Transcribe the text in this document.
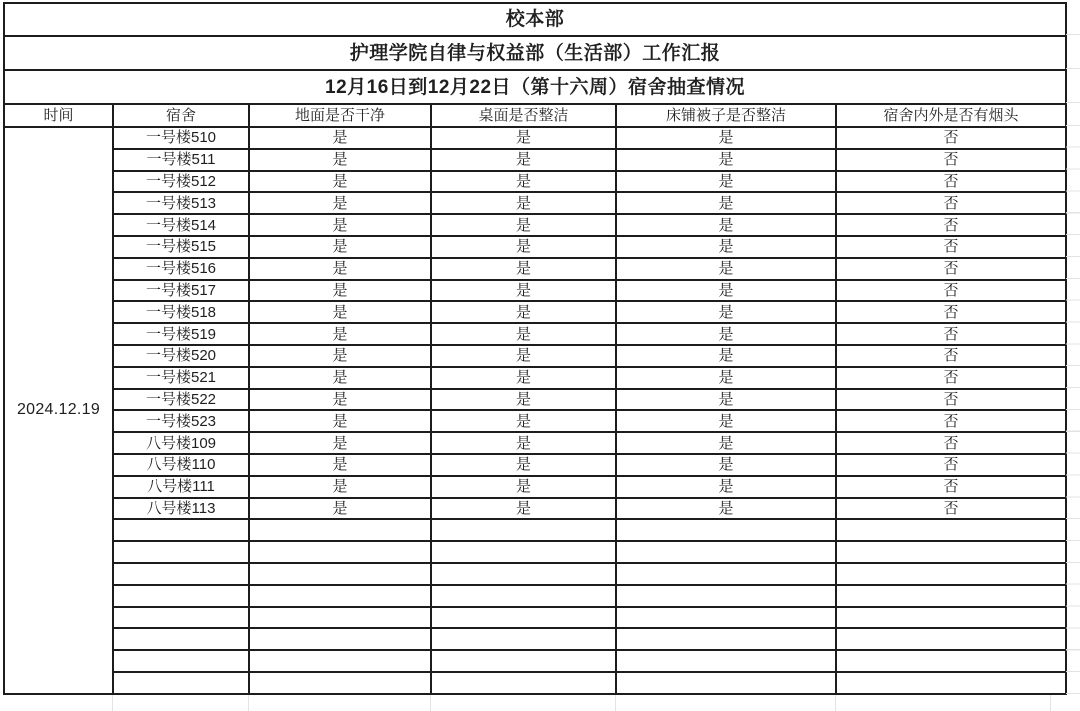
校本部					
护理学院自律与权益部（生活部）工作汇报					
12月16日到12月22日（第十六周）宿舍抽查情况					
时间	宿舍	地面是否干净	桌面是否整洁	床铺被子是否整洁	宿舍内外是否有烟头
2024.12.19	一号楼510	是	是	是	否
	一号楼511	是	是	是	否
	一号楼512	是	是	是	否
	一号楼513	是	是	是	否
	一号楼514	是	是	是	否
	一号楼515	是	是	是	否
	一号楼516	是	是	是	否
	一号楼517	是	是	是	否
	一号楼518	是	是	是	否
	一号楼519	是	是	是	否
	一号楼520	是	是	是	否
	一号楼521	是	是	是	否
	一号楼522	是	是	是	否
	一号楼523	是	是	是	否
	八号楼109	是	是	是	否
	八号楼110	是	是	是	否
	八号楼111	是	是	是	否
	八号楼113	是	是	是	否
